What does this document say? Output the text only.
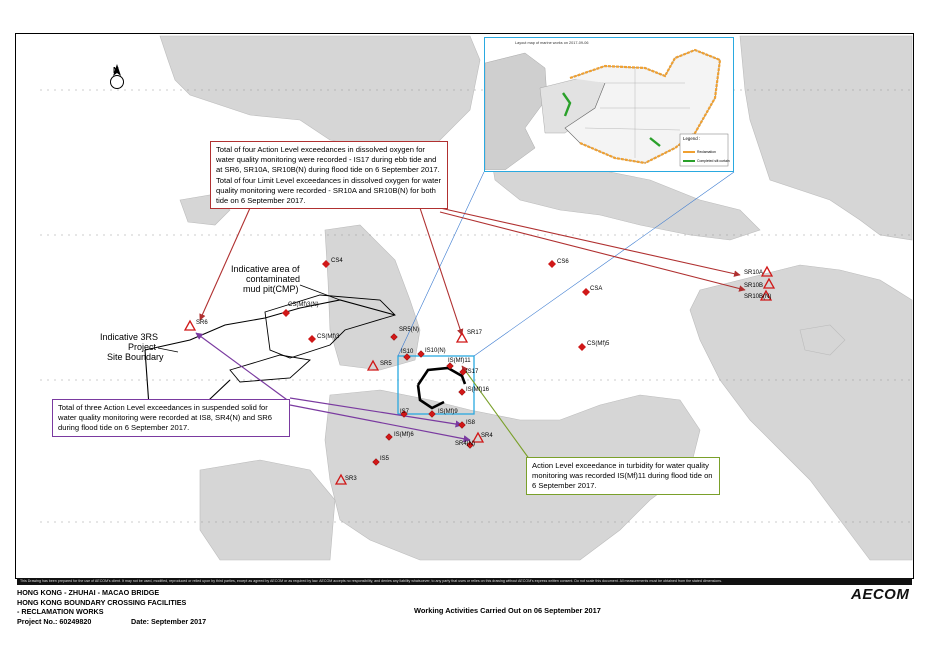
SR10A
SR10B
SR10B(N)
CS6
CSA
CS4
CS(Mf)3(N)
SR6
CS(Mf)3
SR5(N)	SR17
CS(Mf)5
IS10 IS10(N)
SR5	IS(Mf)11
IS17
IS(Mf)16
IS7	IS(Mf)9
IS8
SR4
SR4(N)
IS(Mf)6
IS5
SR3
Indicative area of
contaminated
mud pit(CMP)
Indicative 3RS
Project
Site Boundary
N
Total of four Action Level exceedances in dissolved oxygen for water quality monitoring were recorded - IS17 during ebb tide and at SR6, SR10A, SR10B(N) during flood tide on 6 September 2017. Total of four Limit Level exceedances in dissolved oxygen for water quality monitoring were recorded - SR10A and SR10B(N) for both tide on 6 September 2017.
Total of three Action Level exceedances in suspended solid for water quality monitoring were recorded at IS8, SR4(N) and SR6 during flood tide on 6 September 2017.
Action Level exceedance in turbidity for water quality monitoring was recorded IS(Mf)11 during flood tide on 6 September 2017.
Layout map of marine works on 2017-09-06
Legend :
Reclamation
Completed silt curtain
This Drawing has been prepared for the use of AECOM's client. It may not be used, modified, reproduced or relied upon by third parties, except as agreed by AECOM or as required by law. AECOM accepts no responsibility, and denies any liability whatsoever, to any party that uses or relies on this drawing without AECOM's express written consent. Do not scale this document. All measurements must be obtained from the stated dimensions.
HONG KONG - ZHUHAI - MACAO BRIDGE
HONG KONG BOUNDARY CROSSING FACILITIES
- RECLAMATION WORKS
Project No.: 60249820	Date: September 2017
Working Activities Carried Out on 06 September 2017
AECOM
